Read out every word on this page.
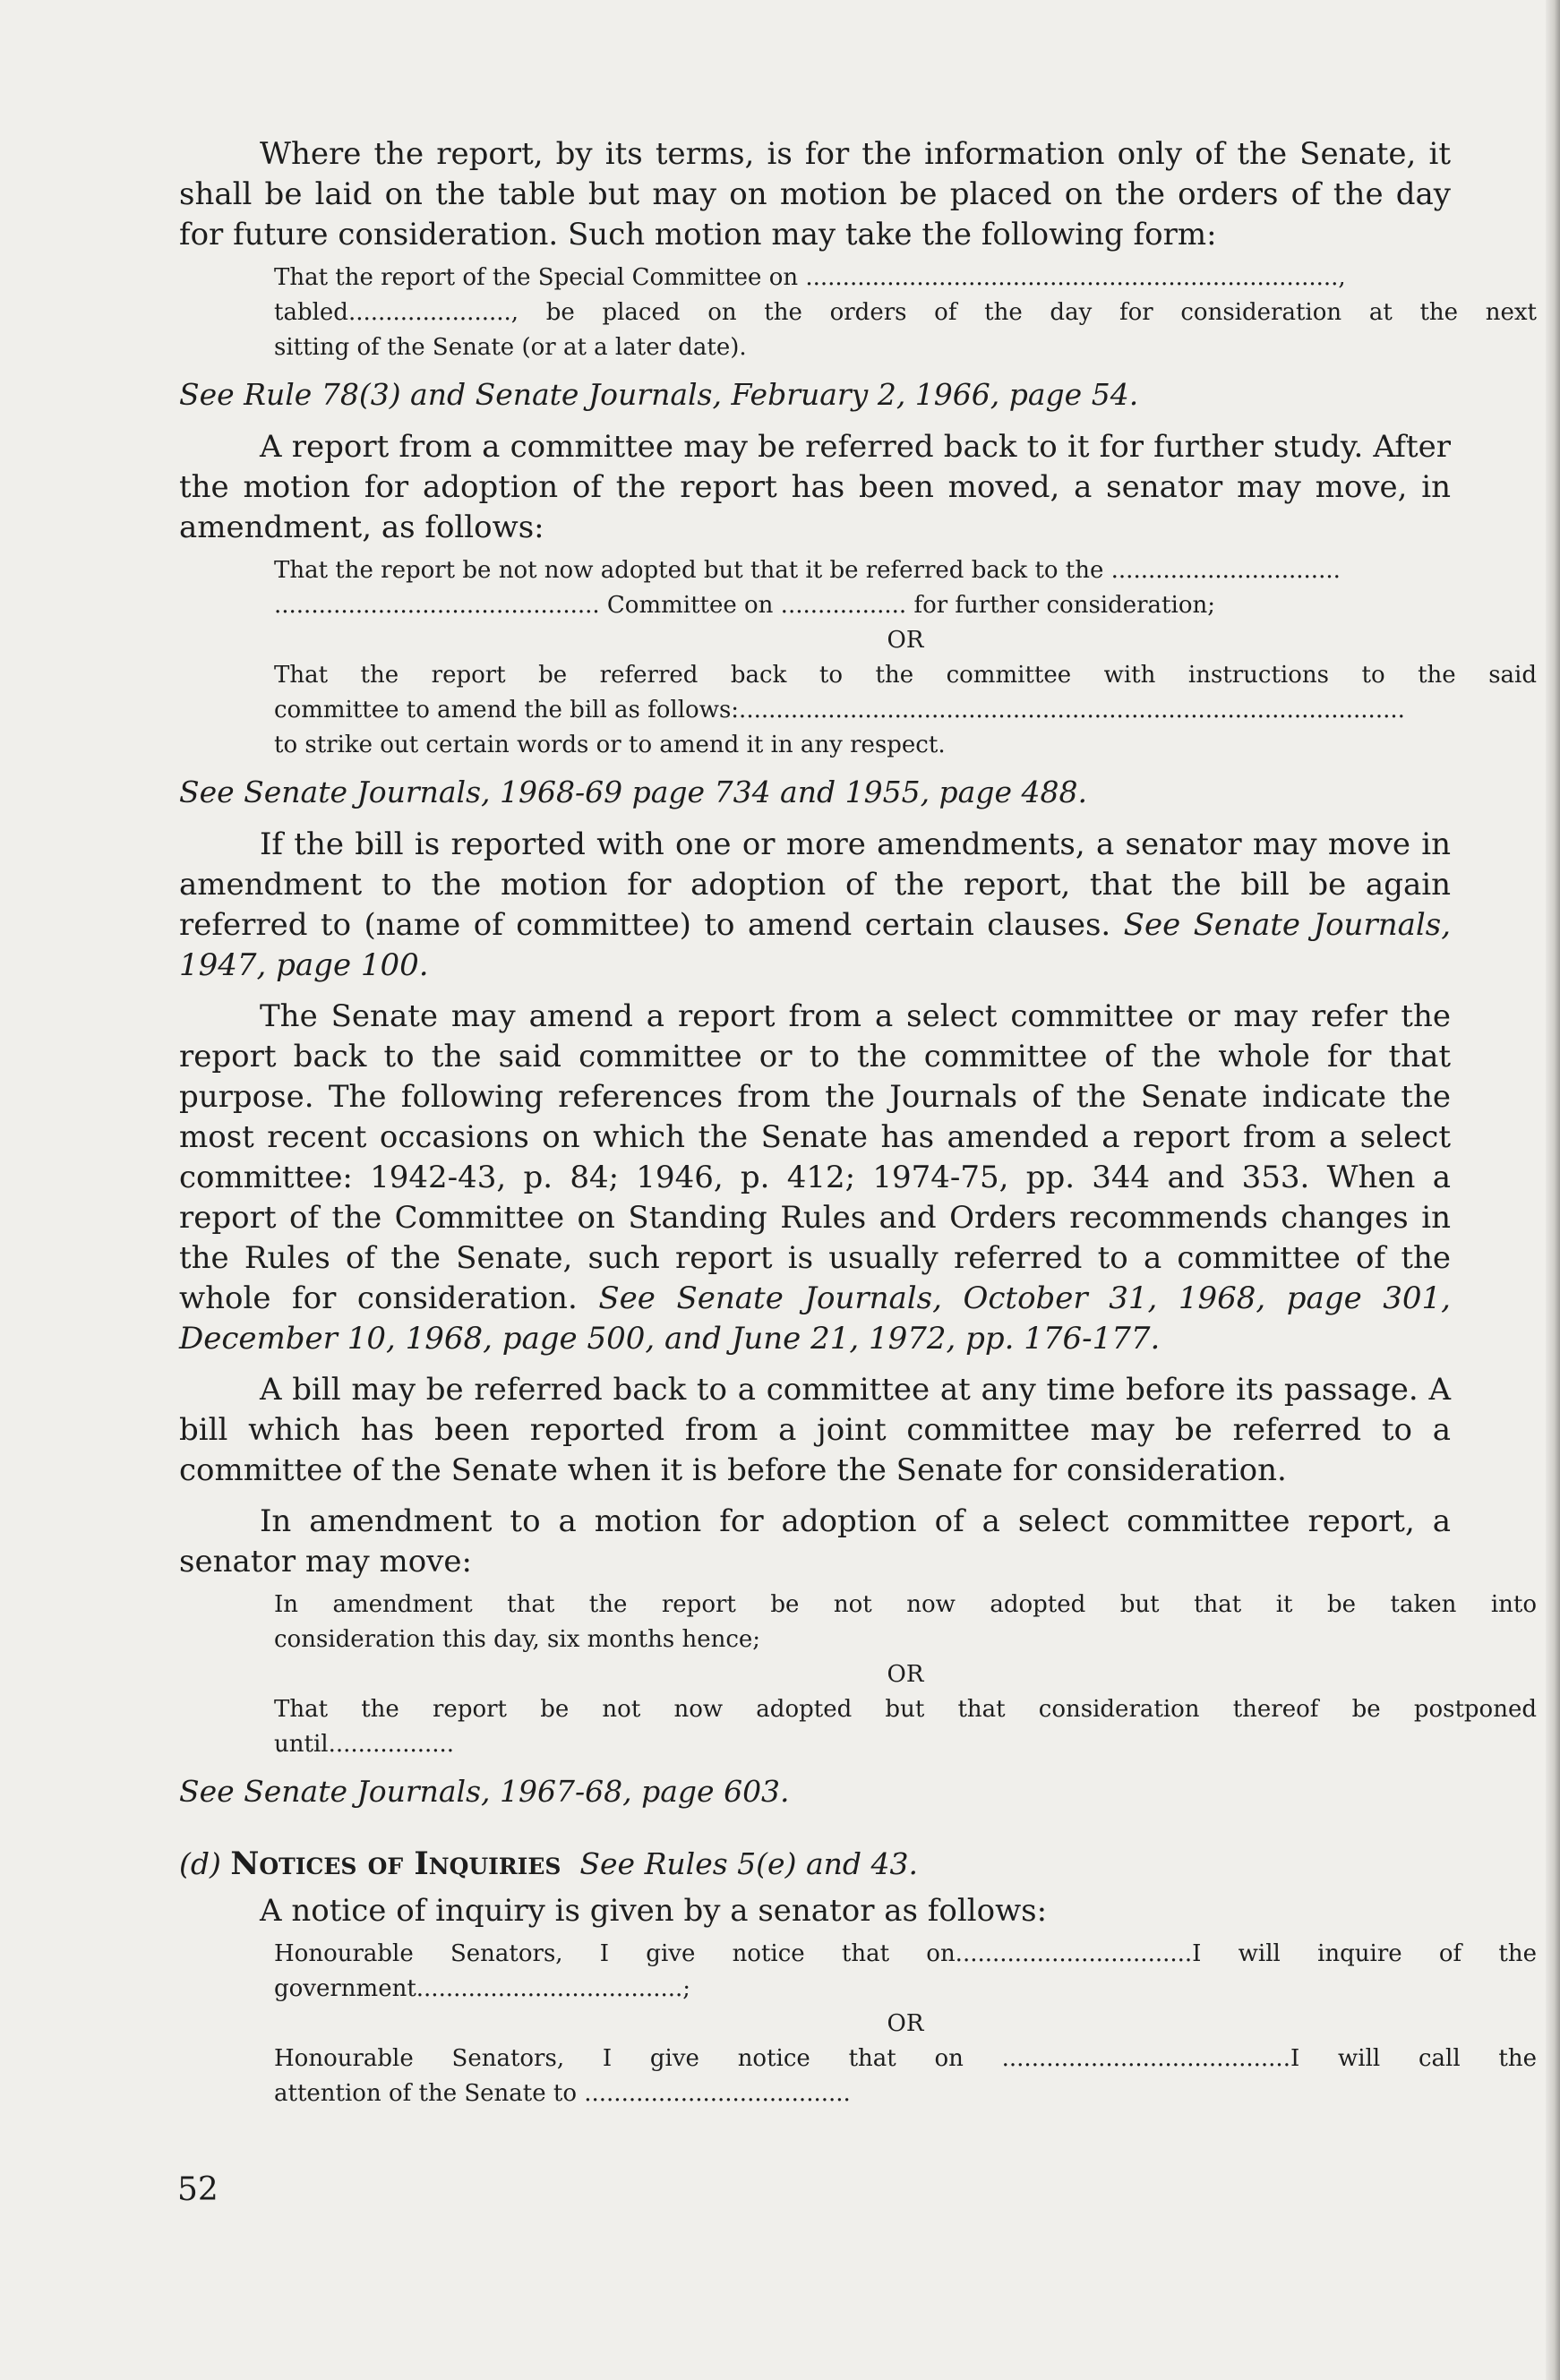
Where the report, by its terms, is for the information only of the Senate, it shall be laid on the table but may on motion be placed on the orders of the day for future consideration. Such motion may take the following form:

That the report of the Special Committee on ........................................................................,
tabled......................, be placed on the orders of the day for consideration at the next
sitting of the Senate (or at a later date).

See Rule 78(3) and Senate Journals, February 2, 1966, page 54.

A report from a committee may be referred back to it for further study. After the motion for adoption of the report has been moved, a senator may move, in amendment, as follows:

That the report be not now adopted but that it be referred back to the ...............................
............................................ Committee on ................. for further consideration;
OR
That the report be referred back to the committee with instructions to the said
committee to amend the bill as follows:..........................................................................................
to strike out certain words or to amend it in any respect.

See Senate Journals, 1968-69 page 734 and 1955, page 488.

If the bill is reported with one or more amendments, a senator may move in amendment to the motion for adoption of the report, that the bill be again referred to (name of committee) to amend certain clauses. See Senate Journals, 1947, page 100.

The Senate may amend a report from a select committee or may refer the report back to the said committee or to the committee of the whole for that purpose. The following references from the Journals of the Senate indicate the most recent occasions on which the Senate has amended a report from a select committee: 1942-43, p. 84; 1946, p. 412; 1974-75, pp. 344 and 353. When a report of the Committee on Standing Rules and Orders recommends changes in the Rules of the Senate, such report is usually referred to a committee of the whole for consideration. See Senate Journals, October 31, 1968, page 301, December 10, 1968, page 500, and June 21, 1972, pp. 176-177.

A bill may be referred back to a committee at any time before its passage. A bill which has been reported from a joint committee may be referred to a committee of the Senate when it is before the Senate for consideration.

In amendment to a motion for adoption of a select committee report, a senator may move:

In amendment that the report be not now adopted but that it be taken into
consideration this day, six months hence;
OR
That the report be not now adopted but that consideration thereof be postponed
until.................

See Senate Journals, 1967-68, page 603.

(d) Notices of Inquiries See Rules 5(e) and 43.

A notice of inquiry is given by a senator as follows:

Honourable Senators, I give notice that on................................I will inquire of the
government....................................;
OR
Honourable Senators, I give notice that on .......................................I will call the
attention of the Senate to ....................................
52
